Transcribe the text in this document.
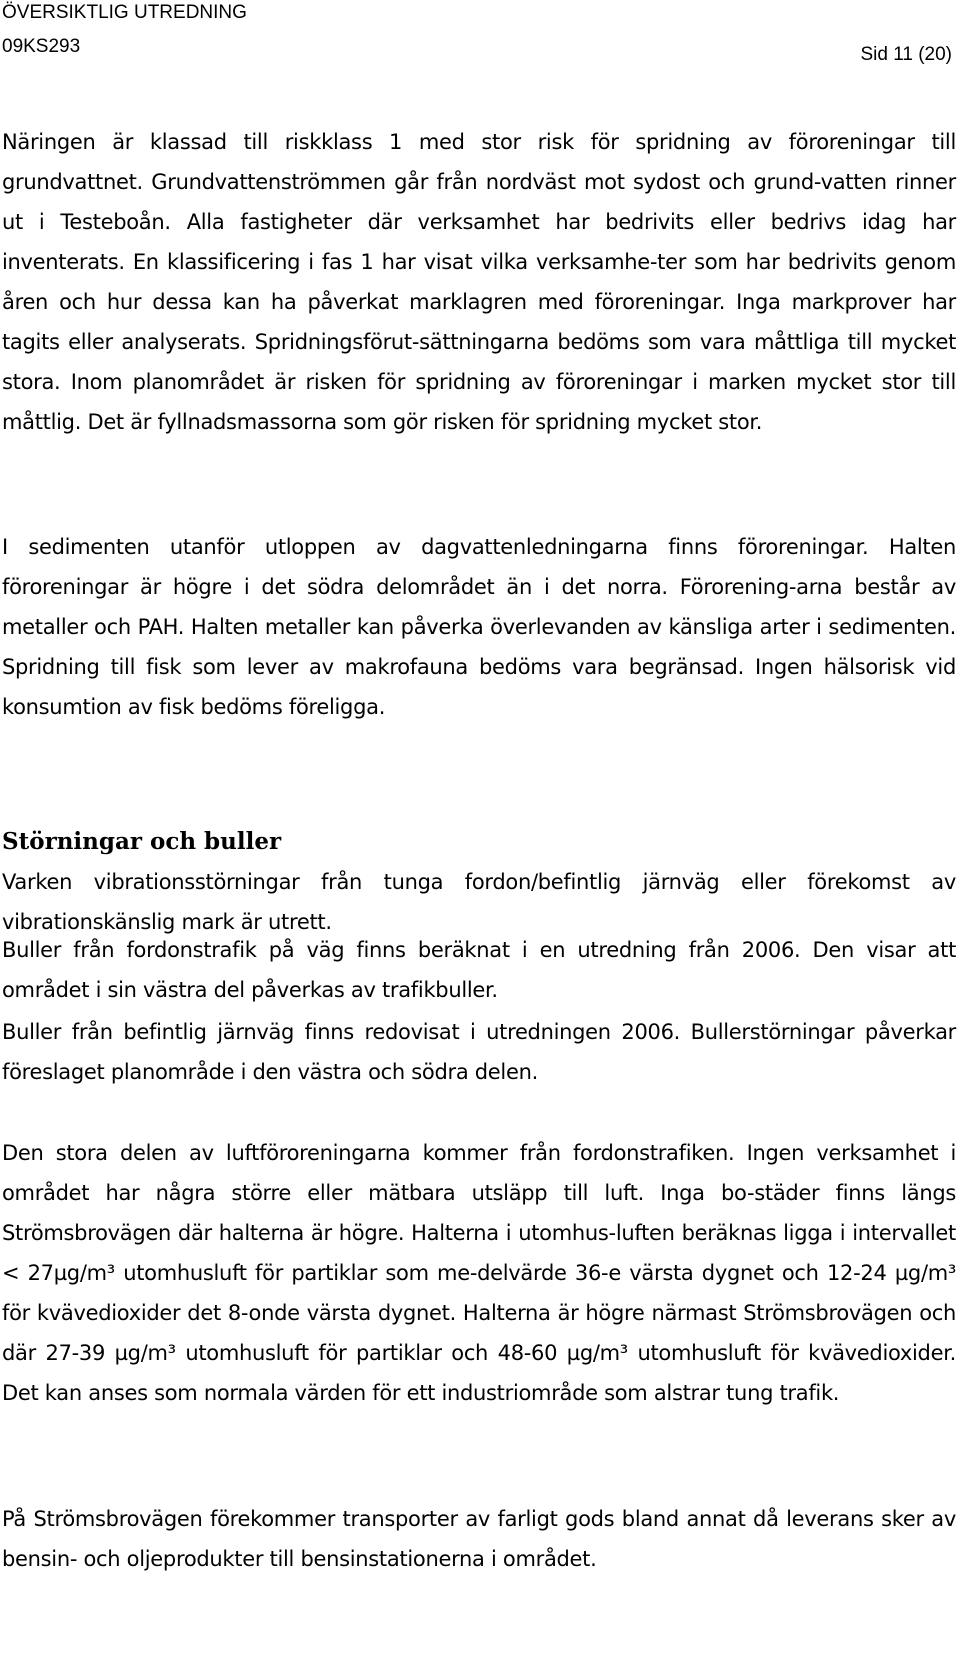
ÖVERSIKTLIG UTREDNING
09KS293	Sid 11 (20)

Näringen är klassad till riskklass 1 med stor risk för spridning av föroreningar till grundvattnet. Grundvattenströmmen går från nordväst mot sydost och grund-vatten rinner ut i Testeboån. Alla fastigheter där verksamhet har bedrivits eller bedrivs idag har inventerats. En klassificering i fas 1 har visat vilka verksamhe-ter som har bedrivits genom åren och hur dessa kan ha påverkat marklagren med föroreningar. Inga markprover har tagits eller analyserats. Spridningsförut-sättningarna bedöms som vara måttliga till mycket stora. Inom planområdet är risken för spridning av föroreningar i marken mycket stor till måttlig. Det är fyllnadsmassorna som gör risken för spridning mycket stor.

I sedimenten utanför utloppen av dagvattenledningarna finns föroreningar. Halten föroreningar är högre i det södra delområdet än i det norra. Förorening-arna består av metaller och PAH. Halten metaller kan påverka överlevanden av känsliga arter i sedimenten. Spridning till fisk som lever av makrofauna bedöms vara begränsad. Ingen hälsorisk vid konsumtion av fisk bedöms föreligga.

Störningar och buller

Varken vibrationsstörningar från tunga fordon/befintlig järnväg eller förekomst av vibrationskänslig mark är utrett.

Buller från fordonstrafik på väg finns beräknat i en utredning från 2006. Den visar att området i sin västra del påverkas av trafikbuller.

Buller från befintlig järnväg finns redovisat i utredningen 2006. Bullerstörningar påverkar föreslaget planområde i den västra och södra delen.

Den stora delen av luftföroreningarna kommer från fordonstrafiken. Ingen verksamhet i området har några större eller mätbara utsläpp till luft. Inga bo-städer finns längs Strömsbrovägen där halterna är högre. Halterna i utomhus-luften beräknas ligga i intervallet < 27µg/m³ utomhusluft för partiklar som me-delvärde 36-e värsta dygnet och 12-24 µg/m³ för kvävedioxider det 8-onde värsta dygnet. Halterna är högre närmast Strömsbrovägen och där 27-39 µg/m³ utomhusluft för partiklar och 48-60 µg/m³ utomhusluft för kvävedioxider. Det kan anses som normala värden för ett industriområde som alstrar tung trafik.

På Strömsbrovägen förekommer transporter av farligt gods bland annat då leverans sker av bensin- och oljeprodukter till bensinstationerna i området.
